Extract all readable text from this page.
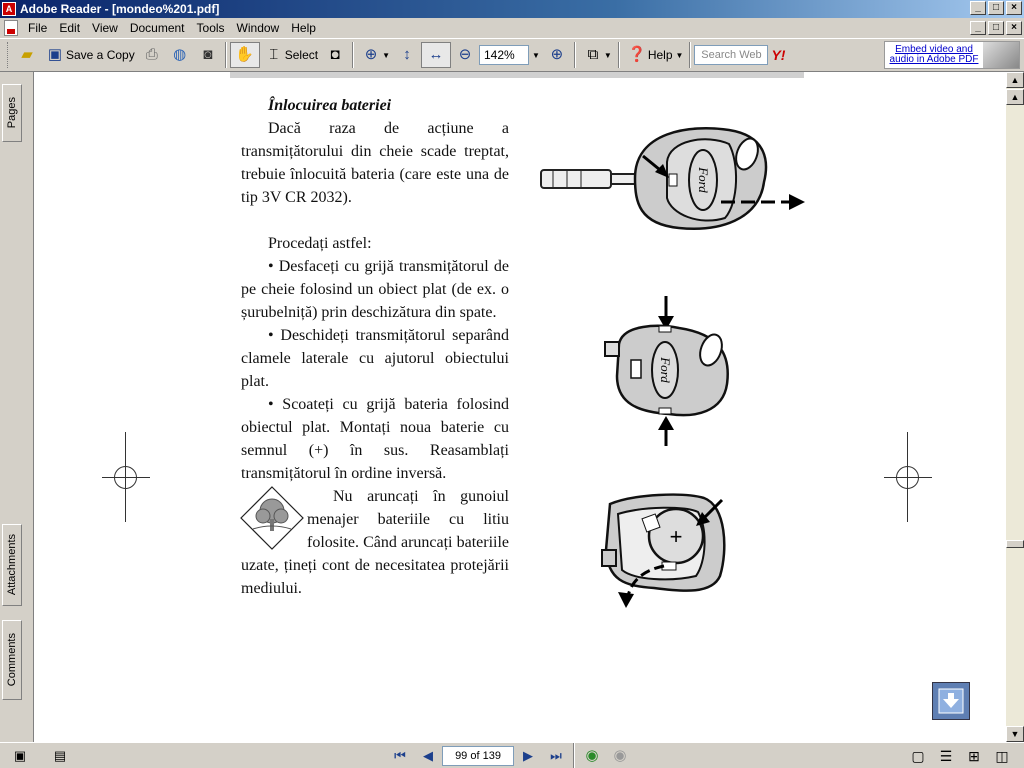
A Adobe Reader - [mondeo%201.pdf]	_	□	×
File	Edit	View	Document	Tools	Window	Help	_	□	×
▰	▣ Save a Copy ⎙	◍	◙	✋	⌶ Select ◘	⊕ ▼ ↕	↔	⊖	142%	▼ ⊕	⧉ ▼ ❓ Help ▼	Search Web Y!	Embed video and
audio in Adobe PDF
Pages
Attachments
Comments
Înlocuirea bateriei
Dacă raza de acțiune a transmițătorului din cheie scade treptat, trebuie înlocuită bateria (care este una de tip 3V CR 2032).
Procedați astfel:
• Desfaceți cu grijă transmițătorul de pe cheie folosind un obiect plat (de ex. o șurubelniță) prin deschizătura din spate.
• Deschideți transmițătorul separând clamele laterale cu ajutorul obiectului plat.
• Scoateți cu grijă bateria folosind obiectul plat. Montați noua baterie cu semnul (+) în sus. Reasamblați transmițătorul în ordine inversă.
Nu aruncați în gunoiul menajer bateriile cu litiu folosite. Când aruncați bateriile uzate, țineți cont de necesitatea protejării mediului.
Ford
Ford
+
▲
▲
▼
▣	▤	⏮	◀	99 of 139	▶	⏭	◉ ◉	▢	☰	⊞	◫
